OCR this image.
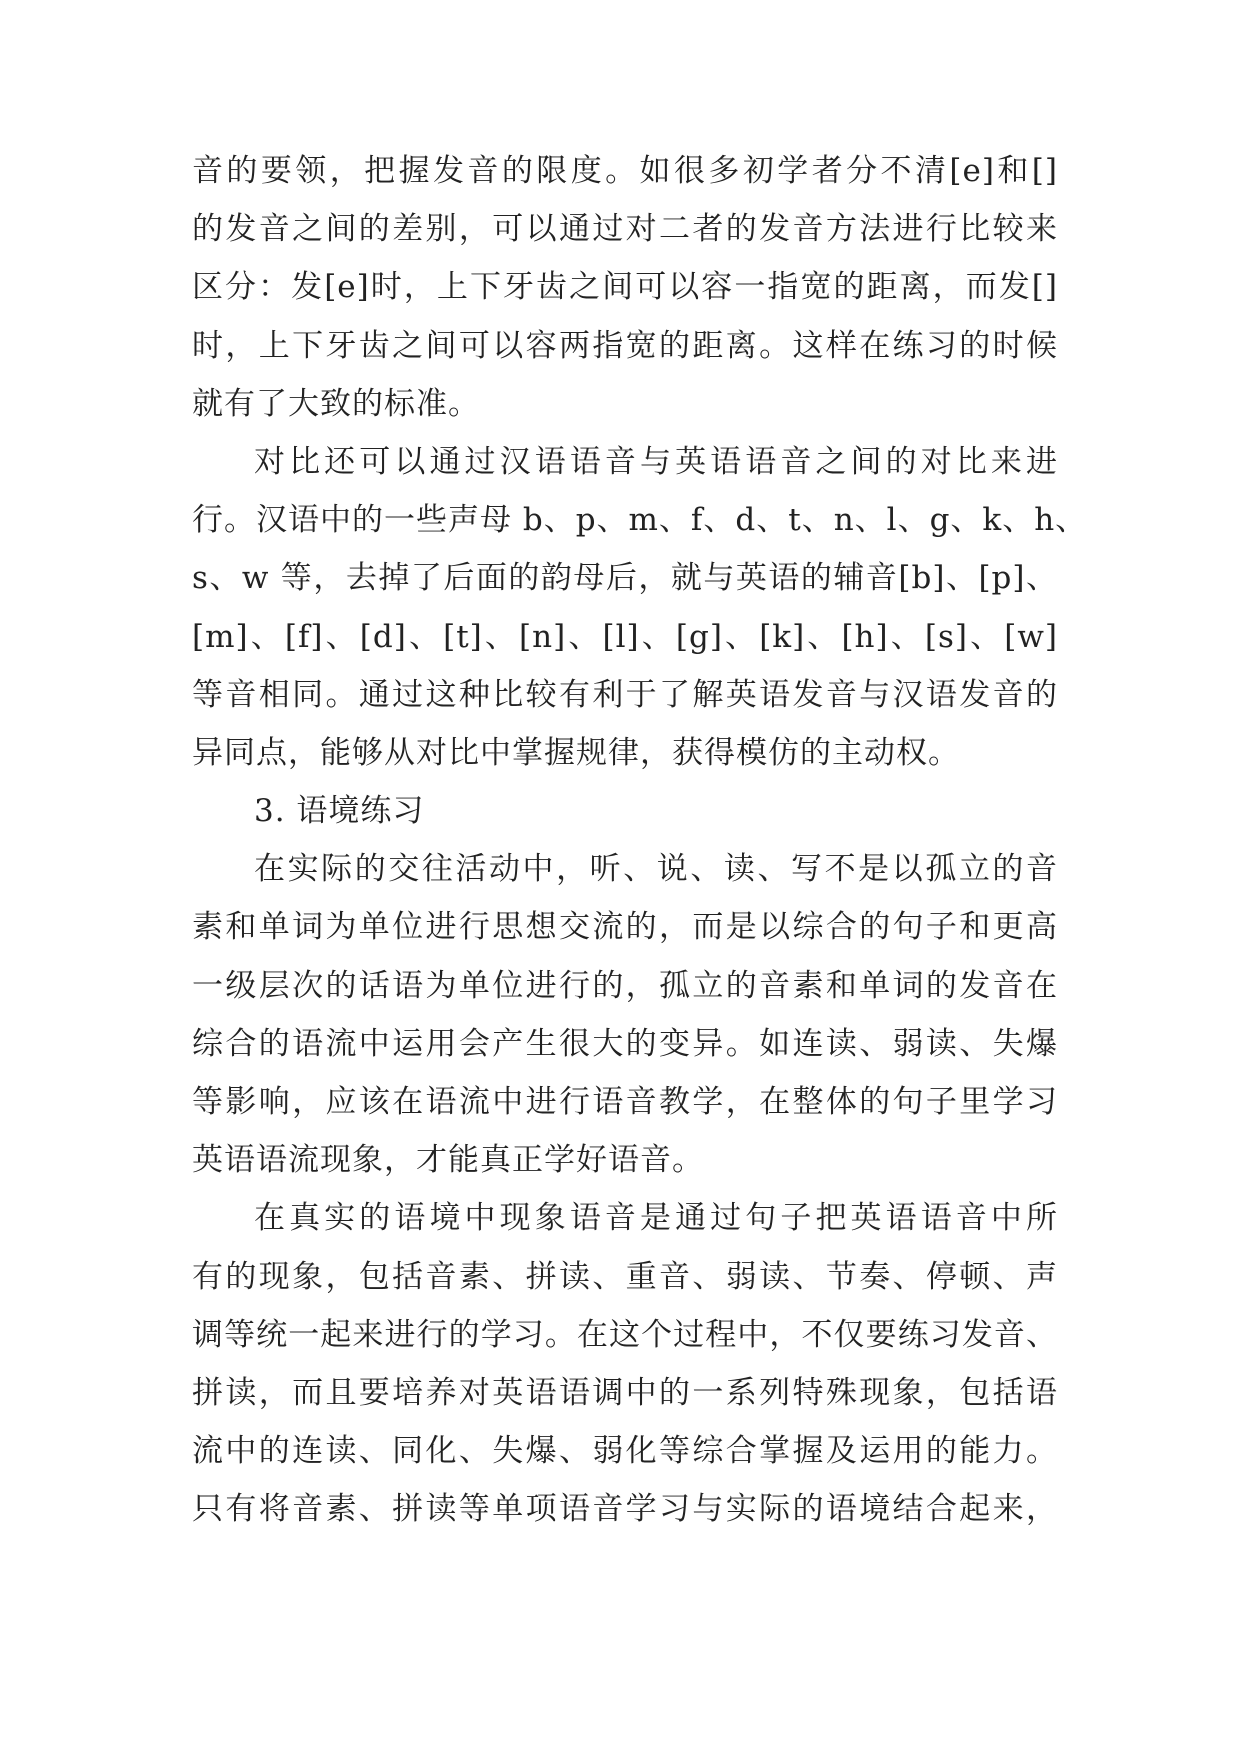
音的要领，把握发音的限度。如很多初学者分不清[e]和[]
的发音之间的差别，可以通过对二者的发音方法进行比较来
区分：发[e]时，上下牙齿之间可以容一指宽的距离，而发[]
时，上下牙齿之间可以容两指宽的距离。这样在练习的时候
就有了大致的标准。
对比还可以通过汉语语音与英语语音之间的对比来进
行。汉语中的一些声母 b、p、m、f、d、t、n、l、g、k、h、
s、w 等，去掉了后面的韵母后，就与英语的辅音[b]、[p]、
[m]、[f]、[d]、[t]、[n]、[l]、[g]、[k]、[h]、[s]、[w]
等音相同。通过这种比较有利于了解英语发音与汉语发音的
异同点，能够从对比中掌握规律，获得模仿的主动权。
3. 语境练习
在实际的交往活动中，听、说、读、写不是以孤立的音
素和单词为单位进行思想交流的，而是以综合的句子和更高
一级层次的话语为单位进行的，孤立的音素和单词的发音在
综合的语流中运用会产生很大的变异。如连读、弱读、失爆
等影响，应该在语流中进行语音教学，在整体的句子里学习
英语语流现象，才能真正学好语音。
在真实的语境中现象语音是通过句子把英语语音中所
有的现象，包括音素、拼读、重音、弱读、节奏、停顿、声
调等统一起来进行的学习。在这个过程中，不仅要练习发音、
拼读，而且要培养对英语语调中的一系列特殊现象，包括语
流中的连读、同化、失爆、弱化等综合掌握及运用的能力。
只有将音素、拼读等单项语音学习与实际的语境结合起来，
